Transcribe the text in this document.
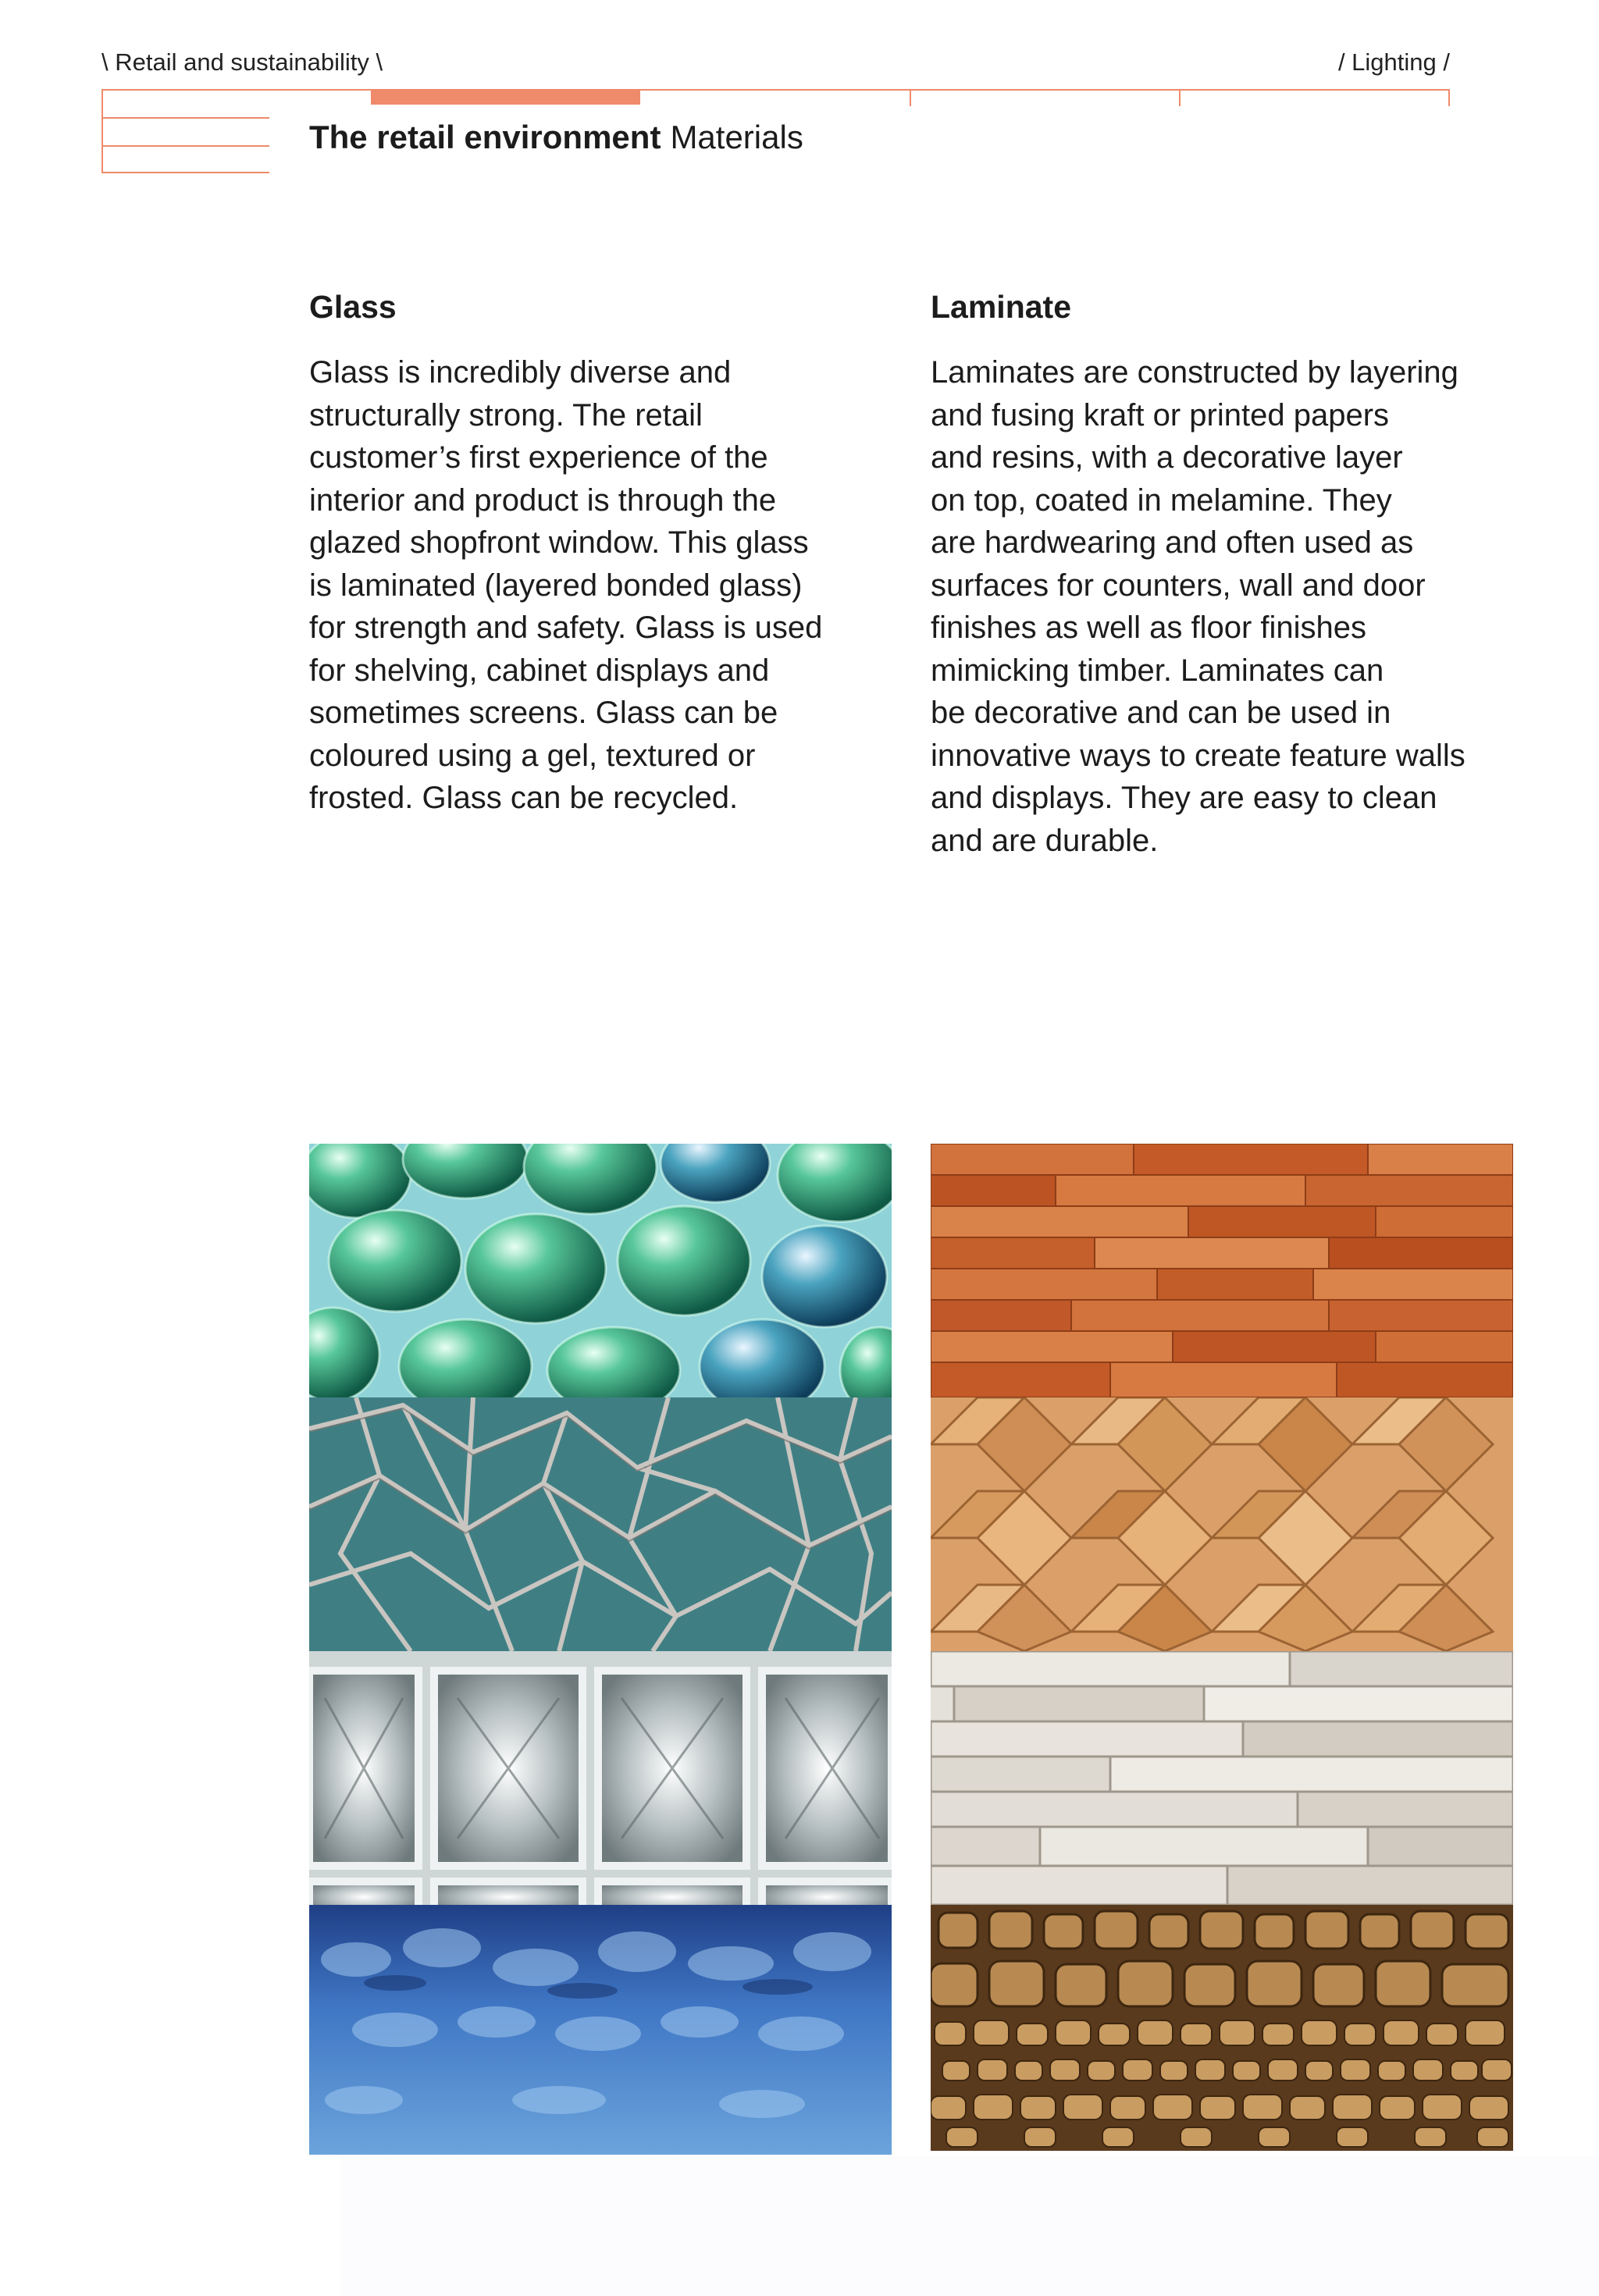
\ Retail and sustainability \	/ Lighting /
The retail environment Materials
Glass
Glass is incredibly diverse and
structurally strong. The retail
customer’s first experience of the
interior and product is through the
glazed shopfront window. This glass
is laminated (layered bonded glass)
for strength and safety. Glass is used
for shelving, cabinet displays and
sometimes screens. Glass can be
coloured using a gel, textured or
frosted. Glass can be recycled.
Laminate
Laminates are constructed by layering
and fusing kraft or printed papers
and resins, with a decorative layer
on top, coated in melamine. They
are hardwearing and often used as
surfaces for counters, wall and door
finishes as well as floor finishes
mimicking timber. Laminates can
be decorative and can be used in
innovative ways to create feature walls
and displays. They are easy to clean
and are durable.
